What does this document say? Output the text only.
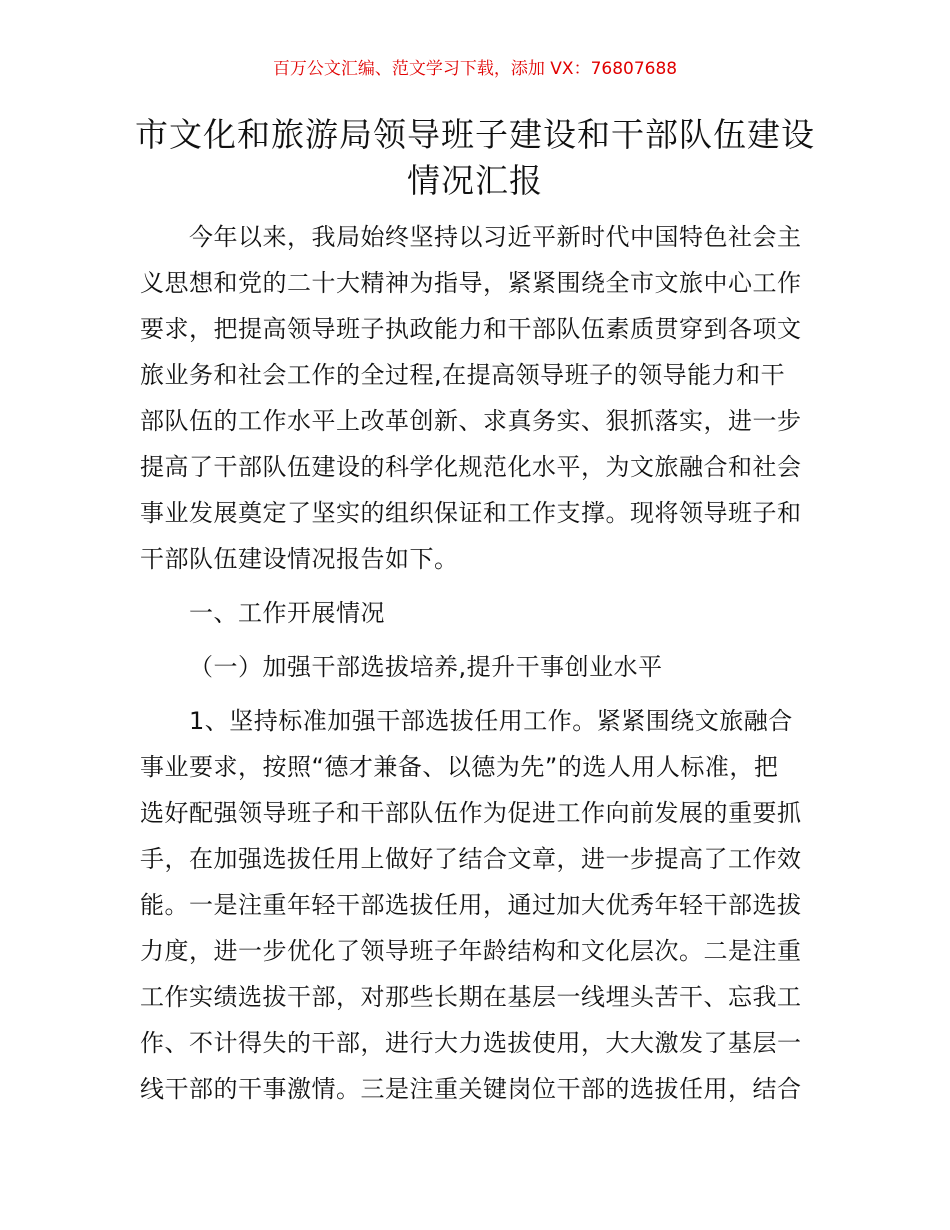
百万公文汇编、范文学习下载，添加 VX：76807688
市文化和旅游局领导班子建设和干部队伍建设
情况汇报
今年以来，我局始终坚持以习近平新时代中国特色社会主
义思想和党的二十大精神为指导，紧紧围绕全市文旅中心工作
要求，把提高领导班子执政能力和干部队伍素质贯穿到各项文
旅业务和社会工作的全过程,在提高领导班子的领导能力和干
部队伍的工作水平上改革创新、求真务实、狠抓落实，进一步
提高了干部队伍建设的科学化规范化水平，为文旅融合和社会
事业发展奠定了坚实的组织保证和工作支撑。现将领导班子和
干部队伍建设情况报告如下。
一、工作开展情况
（一）加强干部选拔培养,提升干事创业水平
1、坚持标准加强干部选拔任用工作。紧紧围绕文旅融合
事业要求，按照“德才兼备、以德为先”的选人用人标准，把
选好配强领导班子和干部队伍作为促进工作向前发展的重要抓
手，在加强选拔任用上做好了结合文章，进一步提高了工作效
能。一是注重年轻干部选拔任用，通过加大优秀年轻干部选拔
力度，进一步优化了领导班子年龄结构和文化层次。二是注重
工作实绩选拔干部，对那些长期在基层一线埋头苦干、忘我工
作、不计得失的干部，进行大力选拔使用，大大激发了基层一
线干部的干事激情。三是注重关键岗位干部的选拔任用，结合
